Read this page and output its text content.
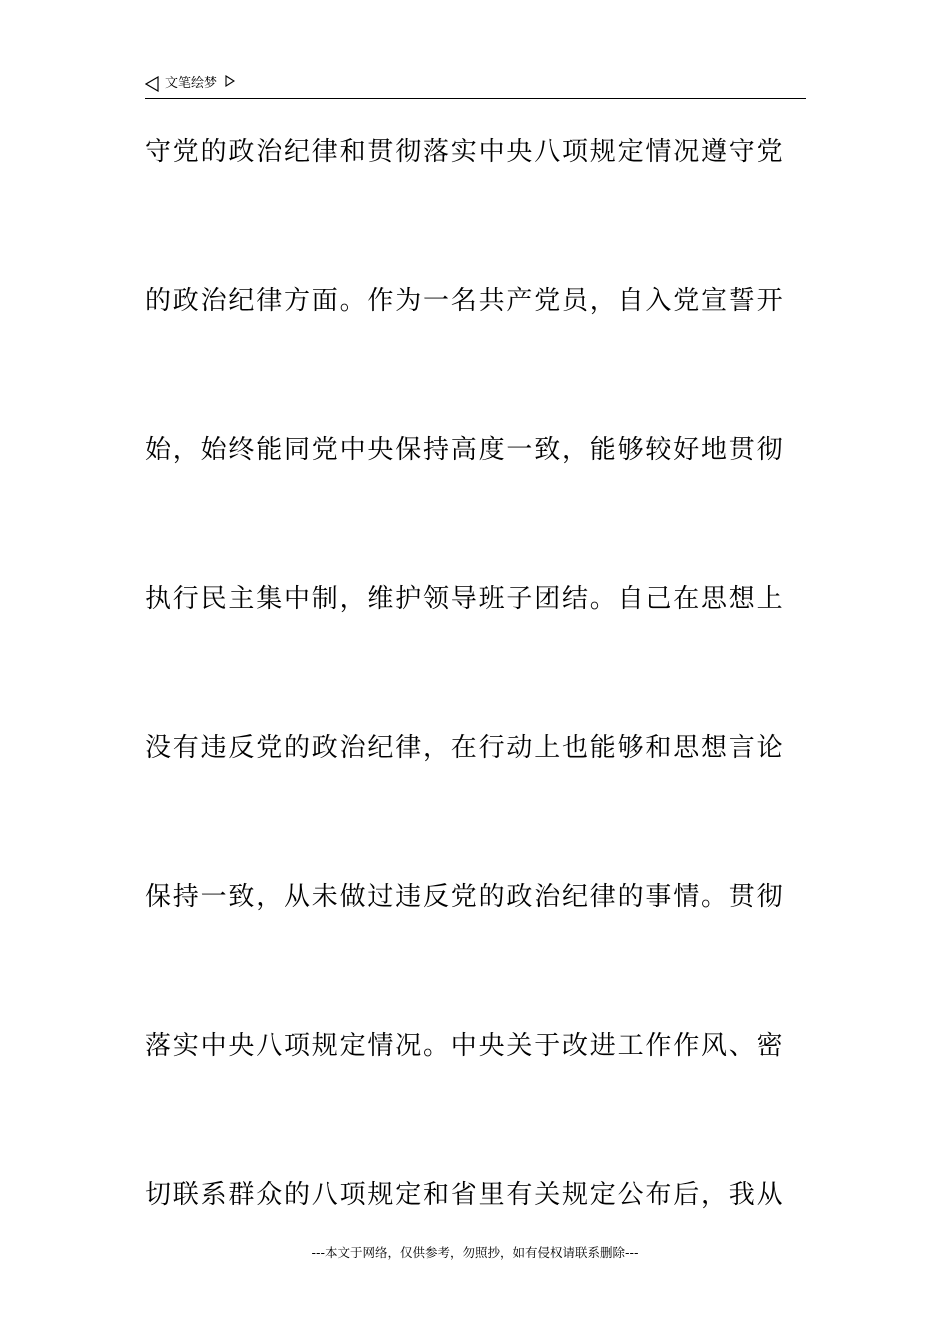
文笔绘梦
守党的政治纪律和贯彻落实中央八项规定情况遵守党
的政治纪律方面。作为一名共产党员，自入党宣誓开
始，始终能同党中央保持高度一致，能够较好地贯彻
执行民主集中制，维护领导班子团结。自己在思想上
没有违反党的政治纪律，在行动上也能够和思想言论
保持一致，从未做过违反党的政治纪律的事情。贯彻
落实中央八项规定情况。中央关于改进工作作风、密
切联系群众的八项规定和省里有关规定公布后，我从
---本文于网络，仅供参考，勿照抄，如有侵权请联系删除---
